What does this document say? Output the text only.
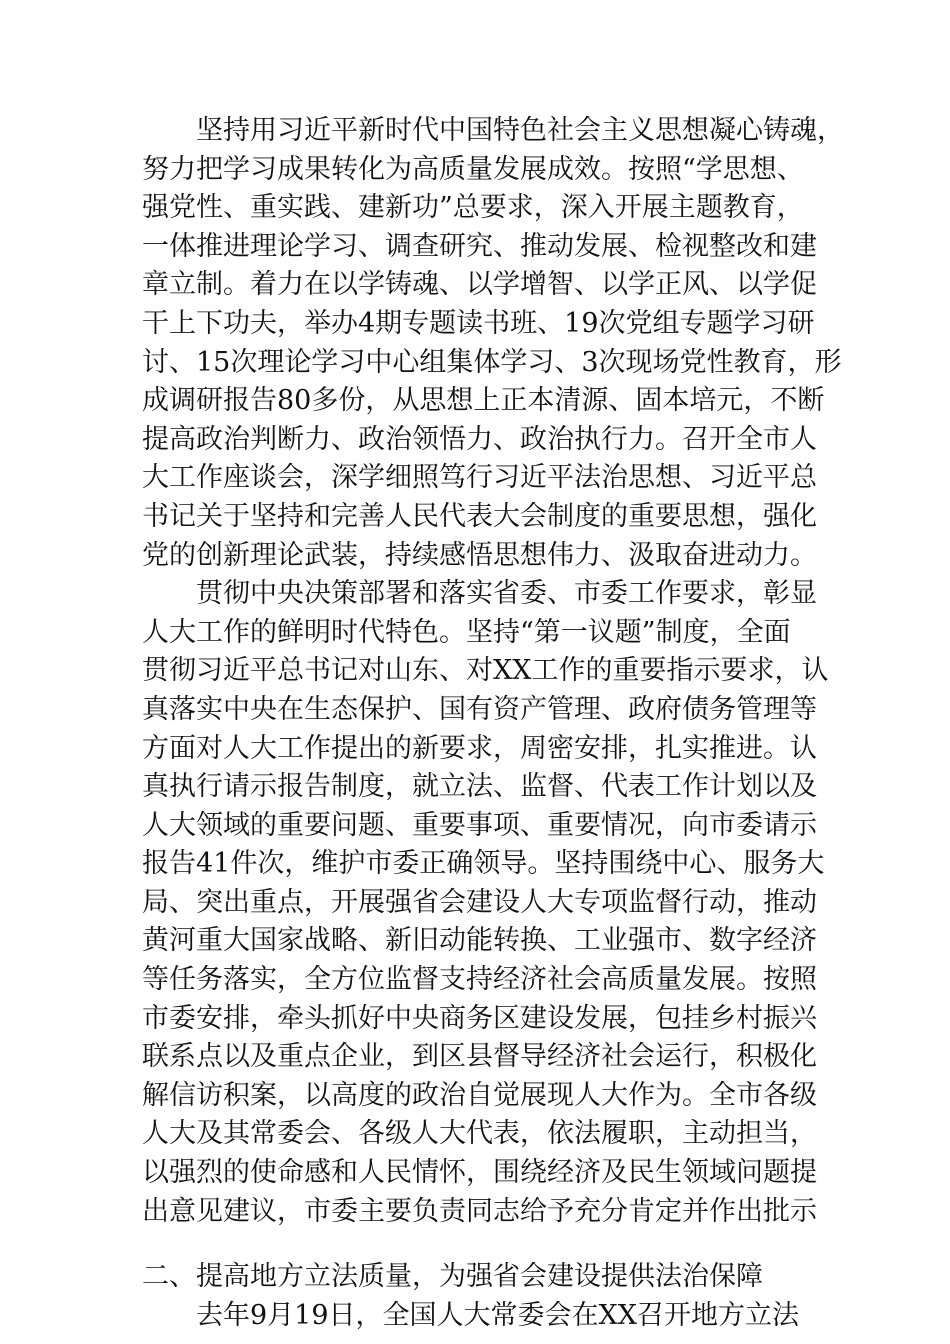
　　坚持用习近平新时代中国特色社会主义思想凝心铸魂，
努力把学习成果转化为高质量发展成效。按照“学思想、
强党性、重实践、建新功”总要求，深入开展主题教育，
一体推进理论学习、调查研究、推动发展、检视整改和建
章立制。着力在以学铸魂、以学增智、以学正风、以学促
干上下功夫，举办4期专题读书班、19次党组专题学习研
讨、15次理论学习中心组集体学习、3次现场党性教育，形
成调研报告80多份，从思想上正本清源、固本培元，不断
提高政治判断力、政治领悟力、政治执行力。召开全市人
大工作座谈会，深学细照笃行习近平法治思想、习近平总
书记关于坚持和完善人民代表大会制度的重要思想，强化
党的创新理论武装，持续感悟思想伟力、汲取奋进动力。
　　贯彻中央决策部署和落实省委、市委工作要求，彰显
人大工作的鲜明时代特色。坚持“第一议题”制度，全面
贯彻习近平总书记对山东、对XX工作的重要指示要求，认
真落实中央在生态保护、国有资产管理、政府债务管理等
方面对人大工作提出的新要求，周密安排，扎实推进。认
真执行请示报告制度，就立法、监督、代表工作计划以及
人大领域的重要问题、重要事项、重要情况，向市委请示
报告41件次，维护市委正确领导。坚持围绕中心、服务大
局、突出重点，开展强省会建设人大专项监督行动，推动
黄河重大国家战略、新旧动能转换、工业强市、数字经济
等任务落实，全方位监督支持经济社会高质量发展。按照
市委安排，牵头抓好中央商务区建设发展，包挂乡村振兴
联系点以及重点企业，到区县督导经济社会运行，积极化
解信访积案，以高度的政治自觉展现人大作为。全市各级
人大及其常委会、各级人大代表，依法履职，主动担当，
以强烈的使命感和人民情怀，围绕经济及民生领域问题提
出意见建议，市委主要负责同志给予充分肯定并作出批示
二、提高地方立法质量，为强省会建设提供法治保障
　　去年9月19日，全国人大常委会在XX召开地方立法
